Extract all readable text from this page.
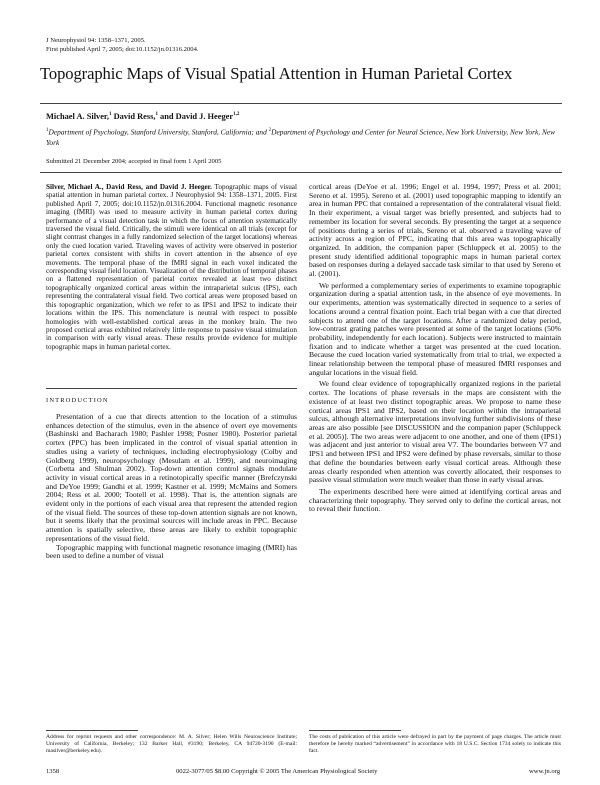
J Neurophysiol 94: 1358–1371, 2005.
First published April 7, 2005; doi:10.1152/jn.01316.2004.
Topographic Maps of Visual Spatial Attention in Human Parietal Cortex
Michael A. Silver,$^1$ David Ress,$^1$ and David J. Heeger$^{1,2}$
$^1$Department of Psychology, Stanford University, Stanford, California; and $^2$Department of Psychology and Center for Neural Science, New York University, New York, New York
Submitted 21 December 2004; accepted in final form 1 April 2005

Silver, Michael A., David Ress, and David J. Heeger. Topographic maps of visual spatial attention in human parietal cortex. J Neurophysiol 94: 1358–1371, 2005. First published April 7, 2005; doi:10.1152/jn.01316.2004. Functional magnetic resonance imaging (fMRI) was used to measure activity in human parietal cortex during performance of a visual detection task in which the focus of attention systematically traversed the visual field. Critically, the stimuli were identical on all trials (except for slight contrast changes in a fully randomized selection of the target locations) whereas only the cued location varied. Traveling waves of activity were observed in posterior parietal cortex consistent with shifts in covert attention in the absence of eye movements. The temporal phase of the fMRI signal in each voxel indicated the corresponding visual field location. Visualization of the distribution of temporal phases on a flattened representation of parietal cortex revealed at least two distinct topographically organized cortical areas within the intraparietal sulcus (IPS), each representing the contralateral visual field. Two cortical areas were proposed based on this topographic organization, which we refer to as IPS1 and IPS2 to indicate their locations within the IPS. This nomenclature is neutral with respect to possible homologies with well-established cortical areas in the monkey brain. The two proposed cortical areas exhibited relatively little response to passive visual stimulation in comparison with early visual areas. These results provide evidence for multiple topographic maps in human parietal cortex.

INTRODUCTION

Presentation of a cue that directs attention to the location of a stimulus enhances detection of the stimulus, even in the absence of overt eye movements (Bashinski and Bacharach 1980; Pashler 1998; Posner 1980). Posterior parietal cortex (PPC) has been implicated in the control of visual spatial attention in studies using a variety of techniques, including electrophysiology (Colby and Goldberg 1999), neuropsychology (Mesulam et al. 1999), and neuroimaging (Corbetta and Shulman 2002). Top-down attention control signals modulate activity in visual cortical areas in a retinotopically specific manner (Brefczynski and DeYoe 1999; Gandhi et al. 1999; Kastner et al. 1999; McMains and Somers 2004; Ress et al. 2000; Tootell et al. 1998). That is, the attention signals are evident only in the portions of each visual area that represent the attended region of the visual field. The sources of these top-down attention signals are not known, but it seems likely that the proximal sources will include areas in PPC. Because attention is spatially selective, these areas are likely to exhibit topographic representations of the visual field.

Topographic mapping with functional magnetic resonance imaging (fMRI) has been used to define a number of visual

cortical areas (DeYoe et al. 1996; Engel et al. 1994, 1997; Press et al. 2001; Sereno et al. 1995). Sereno et al. (2001) used topographic mapping to identify an area in human PPC that contained a representation of the contralateral visual field. In their experiment, a visual target was briefly presented, and subjects had to remember its location for several seconds. By presenting the target at a sequence of positions during a series of trials, Sereno et al. observed a traveling wave of activity across a region of PPC, indicating that this area was topographically organized. In addition, the companion paper (Schluppeck et al. 2005) to the present study identified additional topographic maps in human parietal cortex based on responses during a delayed saccade task similar to that used by Sereno et al. (2001).

We performed a complementary series of experiments to examine topographic organization during a spatial attention task, in the absence of eye movements. In our experiments, attention was systematically directed in sequence to a series of locations around a central fixation point. Each trial began with a cue that directed subjects to attend one of the target locations. After a randomized delay period, low-contrast grating patches were presented at some of the target locations (50% probability, independently for each location). Subjects were instructed to maintain fixation and to indicate whether a target was presented at the cued location. Because the cued location varied systematically from trial to trial, we expected a linear relationship between the temporal phase of measured fMRI responses and angular locations in the visual field.

We found clear evidence of topographically organized regions in the parietal cortex. The locations of phase reversals in the maps are consistent with the existence of at least two distinct topographic areas. We propose to name these cortical areas IPS1 and IPS2, based on their location within the intraparietal sulcus, although alternative interpretations involving further subdivisions of these areas are also possible [see DISCUSSION and the companion paper (Schluppeck et al. 2005)]. The two areas were adjacent to one another, and one of them (IPS1) was adjacent and just anterior to visual area V7. The boundaries between V7 and IPS1 and between IPS1 and IPS2 were defined by phase reversals, similar to those that define the boundaries between early visual cortical areas. Although these areas clearly responded when attention was covertly allocated, their responses to passive visual stimulation were much weaker than those in early visual areas.

The experiments described here were aimed at identifying cortical areas and characterizing their topography. They served only to define the cortical areas, not to reveal their function.

Address for reprint requests and other correspondence: M. A. Silver; Helen Wills Neuroscience Institute; University of California, Berkeley; 132 Barker Hall, #3190; Berkeley, CA 94720-3190 (E-mail: masilver@berkeley.edu).
The costs of publication of this article were defrayed in part by the payment of page charges. The article must therefore be hereby marked “advertisement” in accordance with 18 U.S.C. Section 1734 solely to indicate this fact.
1358	0022-3077/05 $8.00 Copyright © 2005 The American Physiological Society	www.jn.org
